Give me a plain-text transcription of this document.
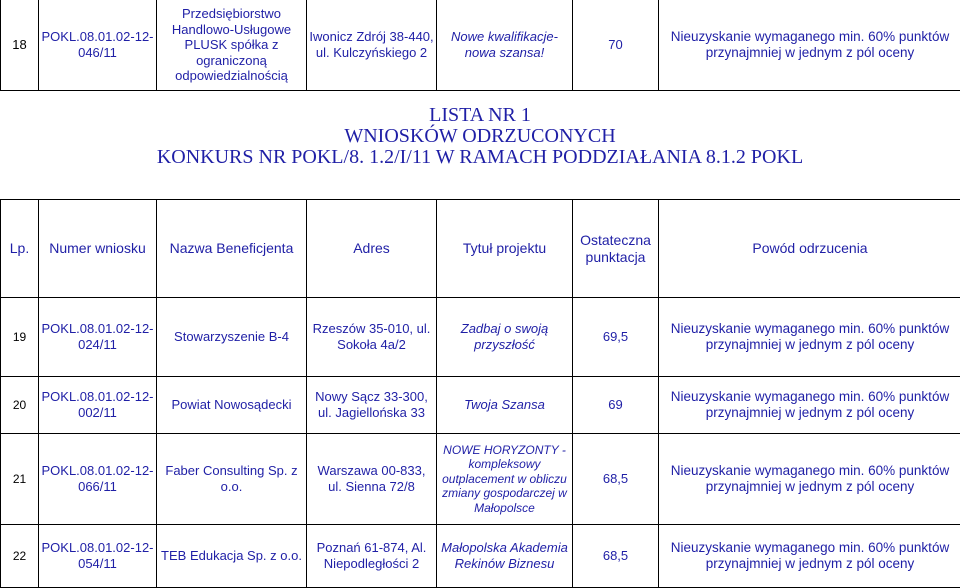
18	POKL.08.01.02-12-046/11	Przedsiębiorstwo Handlowo-Usługowe PLUSK spółka z ograniczoną odpowiedzialnością	Iwonicz Zdrój 38-440, ul. Kulczyńskiego 2	Nowe kwalifikacje-nowa szansa!	70	Nieuzyskanie wymaganego min. 60% punktów przynajmniej w jednym z pól oceny
LISTA NR 1
WNIOSKÓW ODRZUCONYCH
KONKURS NR POKL/8. 1.2/I/11 W RAMACH PODDZIAŁANIA 8.1.2 POKL
Lp.	Numer wniosku	Nazwa Beneficjenta	Adres	Tytuł projektu	Ostateczna punktacja	Powód odrzucenia
19	POKL.08.01.02-12-024/11	Stowarzyszenie B-4	Rzeszów 35-010, ul. Sokoła 4a/2	Zadbaj o swoją przyszłość	69,5	Nieuzyskanie wymaganego min. 60% punktów przynajmniej w jednym z pól oceny
20	POKL.08.01.02-12-002/11	Powiat Nowosądecki	Nowy Sącz 33-300, ul. Jagiellońska 33	Twoja Szansa	69	Nieuzyskanie wymaganego min. 60% punktów przynajmniej w jednym z pól oceny
21	POKL.08.01.02-12-066/11	Faber Consulting Sp. z o.o.	Warszawa 00-833, ul. Sienna 72/8	NOWE HORYZONTY - kompleksowy outplacement w obliczu zmiany gospodarczej w Małopolsce	68,5	Nieuzyskanie wymaganego min. 60% punktów przynajmniej w jednym z pól oceny
22	POKL.08.01.02-12-054/11	TEB Edukacja Sp. z o.o.	Poznań 61-874, Al. Niepodległości 2	Małopolska Akademia Rekinów Biznesu	68,5	Nieuzyskanie wymaganego min. 60% punktów przynajmniej w jednym z pól oceny
